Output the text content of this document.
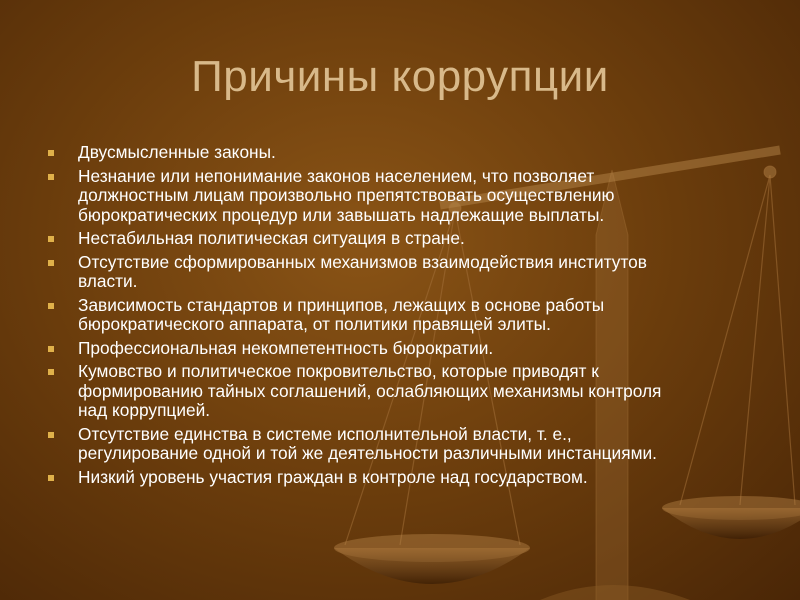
Причины коррупции
Двусмысленные законы.
Незнание или непонимание законов населением, что позволяет
должностным лицам произвольно препятствовать осуществлению
бюрократических процедур или завышать надлежащие выплаты.
Нестабильная политическая ситуация в стране.
Отсутствие сформированных механизмов взаимодействия институтов
власти.
Зависимость стандартов и принципов, лежащих в основе работы
бюрократического аппарата, от политики правящей элиты.
Профессиональная некомпетентность бюрократии.
Кумовство и политическое покровительство, которые приводят к
формированию тайных соглашений, ослабляющих механизмы контроля
над коррупцией.
Отсутствие единства в системе исполнительной власти, т. е.,
регулирование одной и той же деятельности различными инстанциями.
Низкий уровень участия граждан в контроле над государством.
